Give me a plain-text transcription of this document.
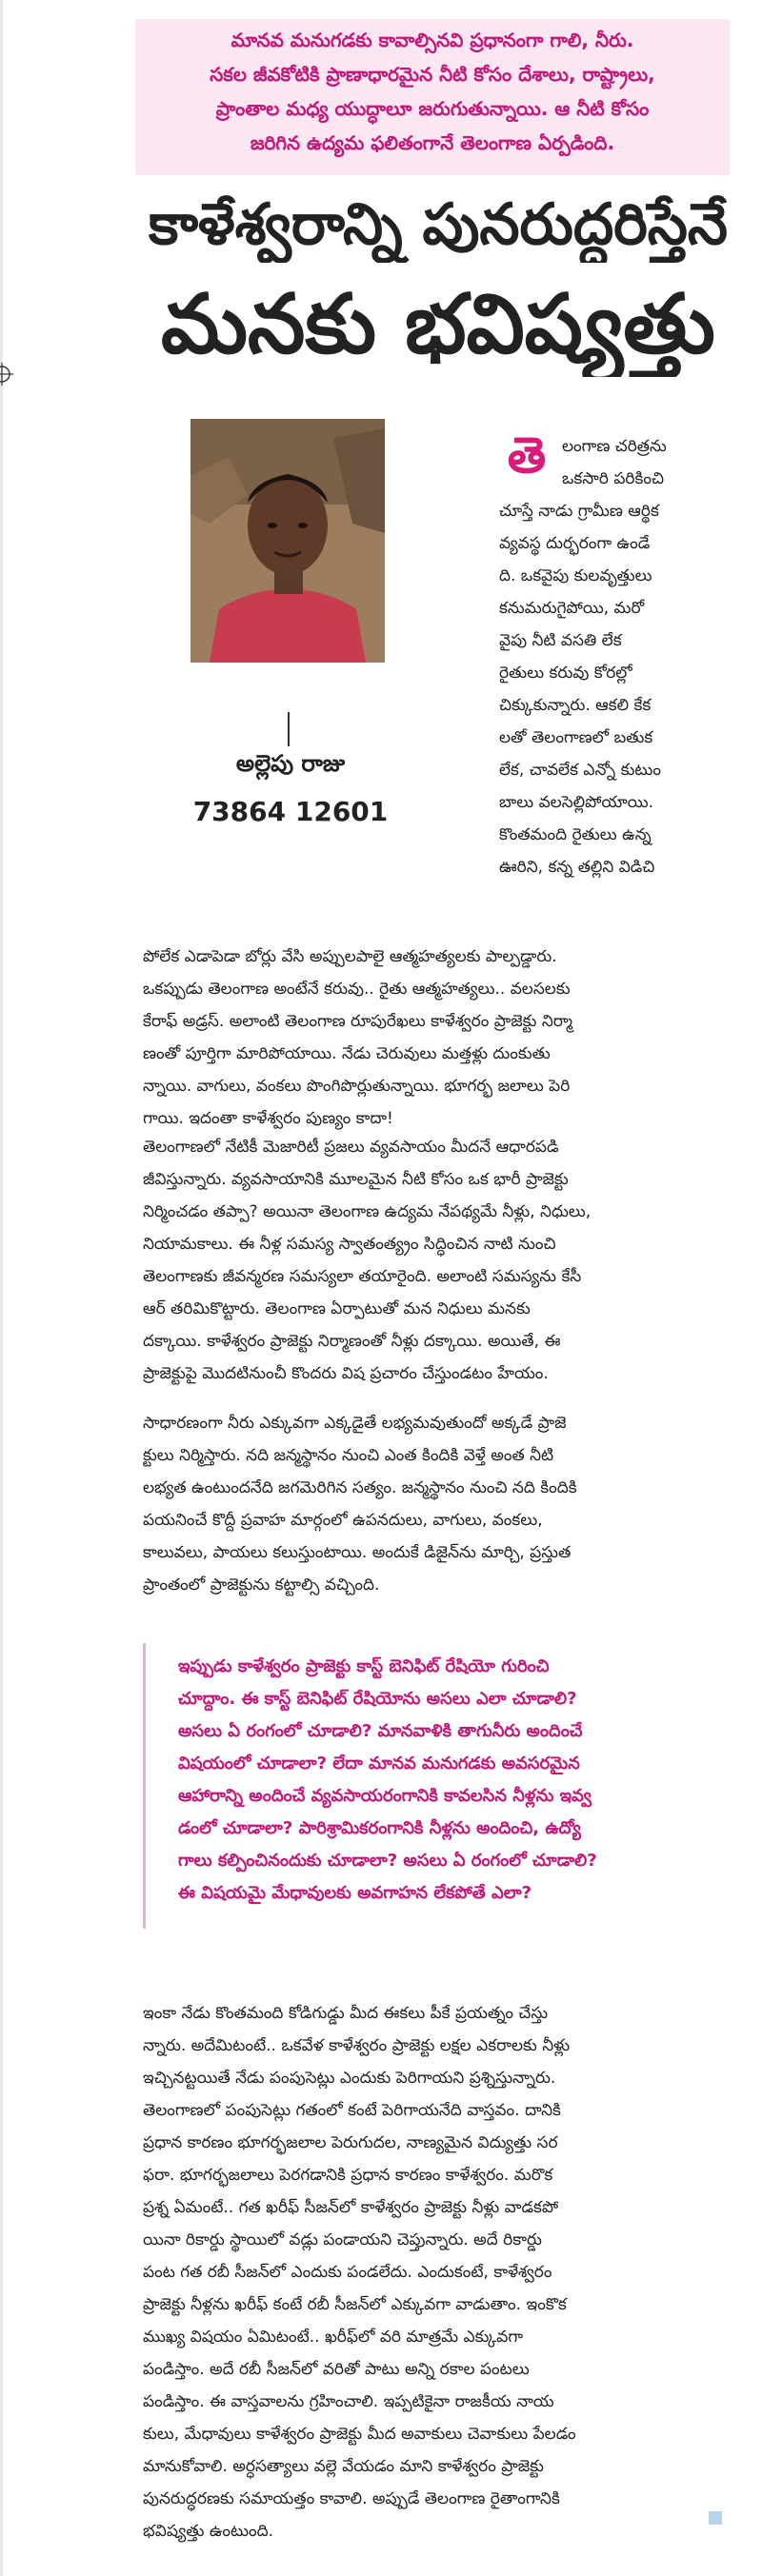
మానవ మనుగడకు కావాల్సినవి ప్రధానంగా గాలి, నీరు.
సకల జీవకోటికి ప్రాణాధారమైన నీటి కోసం దేశాలు, రాష్ట్రాలు,
ప్రాంతాల మధ్య యుద్ధాలూ జరుగుతున్నాయి. ఆ నీటి కోసం
జరిగిన ఉద్యమ ఫలితంగానే తెలంగాణ ఏర్పడింది.
కాళేశ్వరాన్ని పునరుద్ధరిస్తేనే
మనకు భవిష్యత్తు
అల్లెపు రాజు
73864 12601
తె లంగాణ చరిత్రను
ఒకసారి పరికించి
చూస్తే నాడు గ్రామీణ ఆర్థిక
వ్యవస్థ దుర్భరంగా ఉండే
ది. ఒకవైపు కులవృత్తులు
కనుమరుగైపోయి, మరో
వైపు నీటి వసతి లేక
రైతులు కరువు కోరల్లో
చిక్కుకున్నారు. ఆకలి కేక
లతో తెలంగాణలో బతుక
లేక, చావలేక ఎన్నో కుటుం
బాలు వలసెల్లిపోయాయి.
కొంతమంది రైతులు ఉన్న
ఊరిని, కన్న తల్లిని విడిచి
పోలేక ఎడాపెడా బోర్లు వేసి అప్పులపాలై ఆత్మహత్యలకు పాల్పడ్డారు.
ఒకప్పుడు తెలంగాణ అంటేనే కరువు.. రైతు ఆత్మహత్యలు.. వలసలకు
కేరాఫ్ అడ్రస్. అలాంటి తెలంగాణ రూపురేఖలు కాళేశ్వరం ప్రాజెక్టు నిర్మా
ణంతో పూర్తిగా మారిపోయాయి. నేడు చెరువులు మత్తళ్లు దుంకుతు
న్నాయి. వాగులు, వంకలు పొంగిపొర్లుతున్నాయి. భూగర్భ జలాలు పెరి
గాయి. ఇదంతా కాళేశ్వరం పుణ్యం కాదా!
తెలంగాణలో నేటికీ మెజారిటీ ప్రజలు వ్యవసాయం మీదనే ఆధారపడి
జీవిస్తున్నారు. వ్యవసాయానికి మూలమైన నీటి కోసం ఒక భారీ ప్రాజెక్టు
నిర్మించడం తప్పా? అయినా తెలంగాణ ఉద్యమ నేపథ్యమే నీళ్లు, నిధులు,
నియామకాలు. ఈ నీళ్ల సమస్య స్వాతంత్య్రం సిద్ధించిన నాటి నుంచి
తెలంగాణకు జీవన్మరణ సమస్యలా తయారైంది. అలాంటి సమస్యను కేసీ
ఆర్ తరిమికొట్టారు. తెలంగాణ ఏర్పాటుతో మన నిధులు మనకు
దక్కాయి. కాళేశ్వరం ప్రాజెక్టు నిర్మాణంతో నీళ్లు దక్కాయి. అయితే, ఈ
ప్రాజెక్టుపై మొదటినుంచీ కొందరు విష ప్రచారం చేస్తుండటం హేయం.
సాధారణంగా నీరు ఎక్కువగా ఎక్కడైతే లభ్యమవుతుందో అక్కడే ప్రాజె
క్టులు నిర్మిస్తారు. నది జన్మస్థానం నుంచి ఎంత కిందికి వెళ్తే అంత నీటి
లభ్యత ఉంటుందనేది జగమెరిగిన సత్యం. జన్మస్థానం నుంచి నది కిందికి
పయనించే కొద్దీ ప్రవాహ మార్గంలో ఉపనదులు, వాగులు, వంకలు,
కాలువలు, పాయలు కలుస్తుంటాయి. అందుకే డిజైన్‌ను మార్చి, ప్రస్తుత
ప్రాంతంలో ప్రాజెక్టును కట్టాల్సి వచ్చింది.
ఇప్పుడు కాళేశ్వరం ప్రాజెక్టు కాస్ట్ బెనిఫిట్ రేషియో గురించి
చూద్దాం. ఈ కాస్ట్ బెనిఫిట్ రేషియోను అసలు ఎలా చూడాలి?
అసలు ఏ రంగంలో చూడాలి? మానవాళికి తాగునీరు అందించే
విషయంలో చూడాలా? లేదా మానవ మనుగడకు అవసరమైన
ఆహారాన్ని అందించే వ్యవసాయరంగానికి కావలసిన నీళ్లను ఇవ్వ
డంలో చూడాలా? పారిశ్రామికరంగానికి నీళ్లను అందించి, ఉద్యో
గాలు కల్పించినందుకు చూడాలా? అసలు ఏ రంగంలో చూడాలి?
ఈ విషయమై మేధావులకు అవగాహన లేకపోతే ఎలా?
ఇంకా నేడు కొంతమంది కోడిగుడ్డు మీద ఈకలు పీకే ప్రయత్నం చేస్తు
న్నారు. అదేమిటంటే.. ఒకవేళ కాళేశ్వరం ప్రాజెక్టు లక్షల ఎకరాలకు నీళ్లు
ఇచ్చినట్టయితే నేడు పంపుసెట్లు ఎందుకు పెరిగాయని ప్రశ్నిస్తున్నారు.
తెలంగాణలో పంపుసెట్లు గతంలో కంటే పెరిగాయనేది వాస్తవం. దానికి
ప్రధాన కారణం భూగర్భజలాల పెరుగుదల, నాణ్యమైన విద్యుత్తు సర
ఫరా. భూగర్భజలాలు పెరగడానికి ప్రధాన కారణం కాళేశ్వరం. మరొక
ప్రశ్న ఏమంటే.. గత ఖరీఫ్ సీజన్‌లో కాళేశ్వరం ప్రాజెక్టు నీళ్లు వాడకపో
యినా రికార్డు స్థాయిలో వడ్లు పండాయని చెప్తున్నారు. అదే రికార్డు
పంట గత రబీ సీజన్‌లో ఎందుకు పండలేదు. ఎందుకంటే, కాళేశ్వరం
ప్రాజెక్టు నీళ్లను ఖరీఫ్ కంటే రబీ సీజన్‌లో ఎక్కువగా వాడుతాం. ఇంకొక
ముఖ్య విషయం ఏమిటంటే.. ఖరీఫ్‌లో వరి మాత్రమే ఎక్కువగా
పండిస్తాం. అదే రబీ సీజన్‌లో వరితో పాటు అన్ని రకాల పంటలు
పండిస్తాం. ఈ వాస్తవాలను గ్రహించాలి. ఇప్పటికైనా రాజకీయ నాయ
కులు, మేధావులు కాళేశ్వరం ప్రాజెక్టు మీద అవాకులు చెవాకులు పేలడం
మానుకోవాలి. అర్ధసత్యాలు వల్లె వేయడం మాని కాళేశ్వరం ప్రాజెక్టు
పునరుద్ధరణకు సమాయత్తం కావాలి. అప్పుడే తెలంగాణ రైతాంగానికి
భవిష్యత్తు ఉంటుంది.
